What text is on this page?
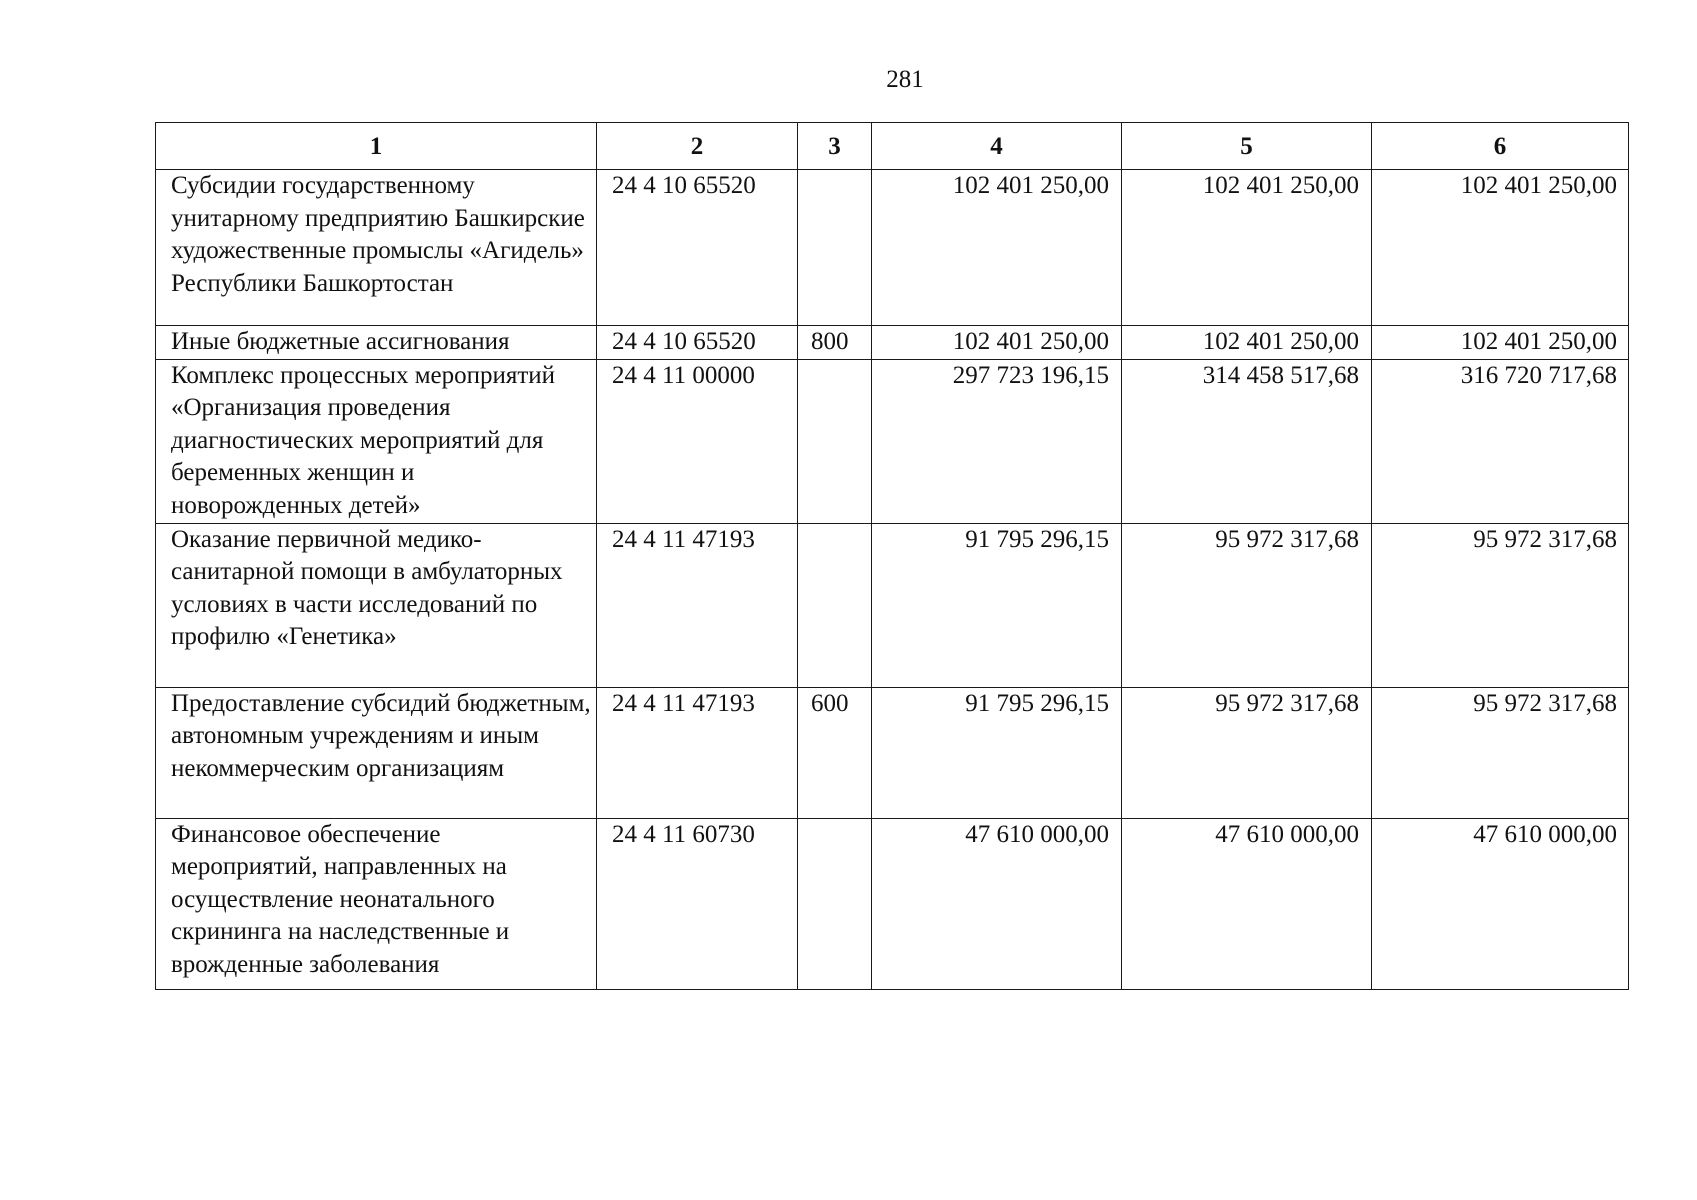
281
1	2	3	4	5	6
Субсидии государственному унитарному предприятию Башкирские художественные промыслы «Агидель» Республики Башкортостан	24 4 10 65520		102 401 250,00	102 401 250,00	102 401 250,00
Иные бюджетные ассигнования	24 4 10 65520	800	102 401 250,00	102 401 250,00	102 401 250,00
Комплекс процессных мероприятий «Организация проведения диагностических мероприятий для беременных женщин и новорожденных детей»	24 4 11 00000		297 723 196,15	314 458 517,68	316 720 717,68
Оказание первичной медико-санитарной помощи в амбулаторных условиях в части исследований по профилю «Генетика»	24 4 11 47193		91 795 296,15	95 972 317,68	95 972 317,68
Предоставление субсидий бюджетным, автономным учреждениям и иным некоммерческим организациям	24 4 11 47193	600	91 795 296,15	95 972 317,68	95 972 317,68
Финансовое обеспечение мероприятий, направленных на осуществление неонатального скрининга на наследственные и врожденные заболевания	24 4 11 60730		47 610 000,00	47 610 000,00	47 610 000,00
